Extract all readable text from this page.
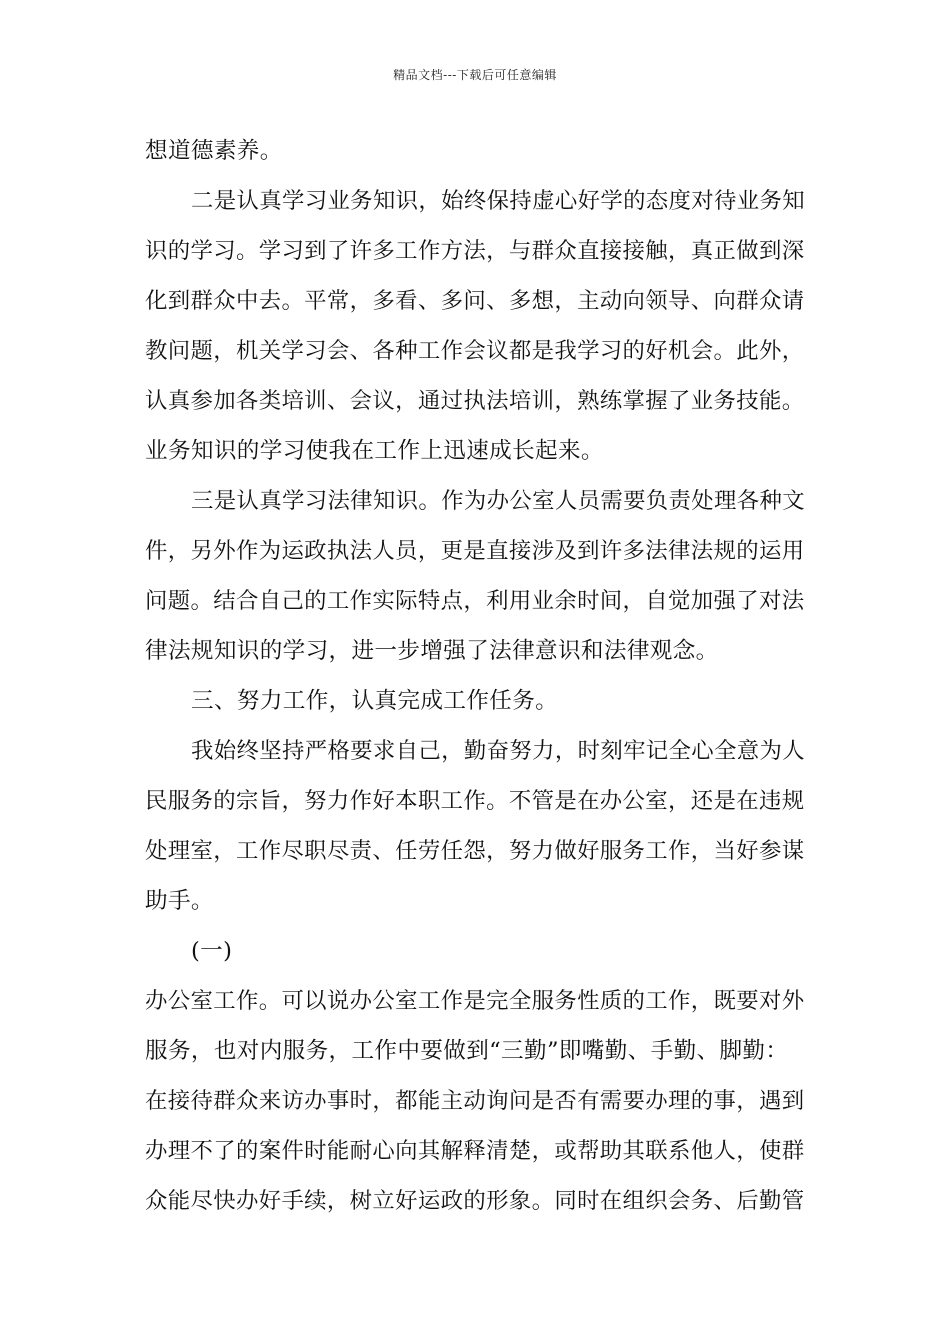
精品文档---下载后可任意编辑
想道德素养。
二是认真学习业务知识，始终保持虚心好学的态度对待业务知
识的学习。学习到了许多工作方法，与群众直接接触，真正做到深
化到群众中去。平常，多看、多问、多想，主动向领导、向群众请
教问题，机关学习会、各种工作会议都是我学习的好机会。此外，
认真参加各类培训、会议，通过执法培训，熟练掌握了业务技能。
业务知识的学习使我在工作上迅速成长起来。
三是认真学习法律知识。作为办公室人员需要负责处理各种文
件，另外作为运政执法人员，更是直接涉及到许多法律法规的运用
问题。结合自己的工作实际特点，利用业余时间，自觉加强了对法
律法规知识的学习，进一步增强了法律意识和法律观念。
三、努力工作，认真完成工作任务。
我始终坚持严格要求自己，勤奋努力，时刻牢记全心全意为人
民服务的宗旨，努力作好本职工作。不管是在办公室，还是在违规
处理室，工作尽职尽责、任劳任怨，努力做好服务工作，当好参谋
助手。
(一)
办公室工作。可以说办公室工作是完全服务性质的工作，既要对外
服务，也对内服务，工作中要做到“三勤”即嘴勤、手勤、脚勤：
在接待群众来访办事时，都能主动询问是否有需要办理的事，遇到
办理不了的案件时能耐心向其解释清楚，或帮助其联系他人，使群
众能尽快办好手续，树立好运政的形象。同时在组织会务、后勤管
